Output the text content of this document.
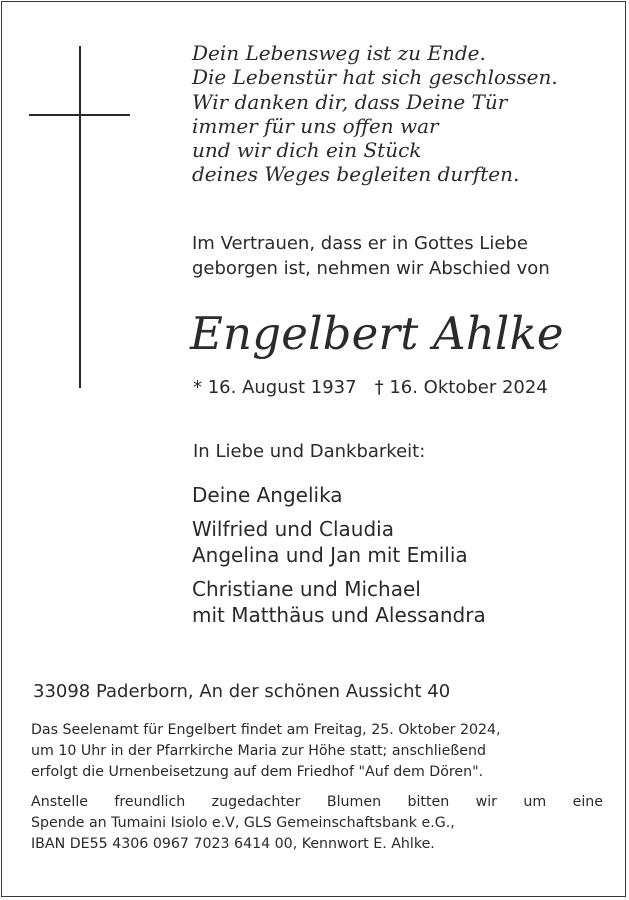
Dein Lebensweg ist zu Ende.
Die Lebenstür hat sich geschlossen.
Wir danken dir, dass Deine Tür
immer für uns offen war
und wir dich ein Stück
deines Weges begleiten durften.
Im Vertrauen, dass er in Gottes Liebe
geborgen ist, nehmen wir Abschied von
Engelbert Ahlke
* 16. August 1937 † 16. Oktober 2024
In Liebe und Dankbarkeit:
Deine Angelika
Wilfried und Claudia
Angelina und Jan mit Emilia
Christiane und Michael
mit Matthäus und Alessandra
33098 Paderborn, An der schönen Aussicht 40
Das Seelenamt für Engelbert findet am Freitag, 25. Oktober 2024,
um 10 Uhr in der Pfarrkirche Maria zur Höhe statt; anschließend
erfolgt die Urnenbeisetzung auf dem Friedhof "Auf dem Dören".
Anstelle freundlich zugedachter Blumen bitten wir um eine
Spende an Tumaini Isiolo e.V, GLS Gemeinschaftsbank e.G.,
IBAN DE55 4306 0967 7023 6414 00, Kennwort E. Ahlke.
